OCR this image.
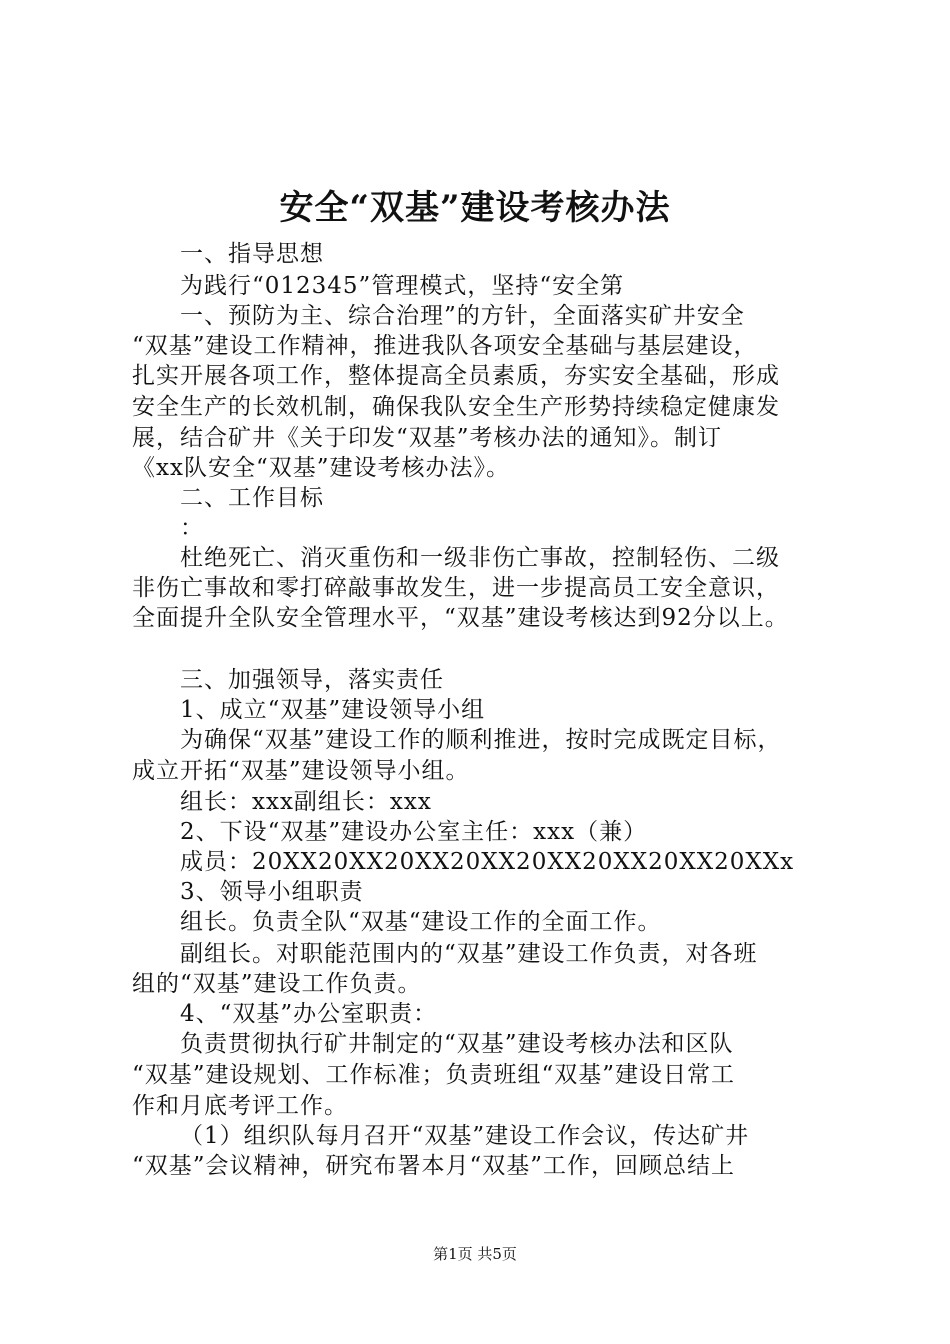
安全“双基”建设考核办法
一、指导思想
为践行“012345”管理模式，坚持“安全第
一、预防为主、综合治理”的方针，全面落实矿井安全
“双基”建设工作精神，推进我队各项安全基础与基层建设，
扎实开展各项工作，整体提高全员素质，夯实安全基础，形成
安全生产的长效机制，确保我队安全生产形势持续稳定健康发
展，结合矿井《关于印发“双基”考核办法的通知》。制订
《xx队安全“双基”建设考核办法》。
二、工作目标
：
杜绝死亡、消灭重伤和一级非伤亡事故，控制轻伤、二级
非伤亡事故和零打碎敲事故发生，进一步提高员工安全意识，
全面提升全队安全管理水平，“双基”建设考核达到92分以上。
三、加强领导，落实责任
1、成立“双基”建设领导小组
为确保“双基”建设工作的顺利推进，按时完成既定目标，
成立开拓“双基”建设领导小组。
组长：xxx副组长：xxx
2、下设“双基”建设办公室主任：xxx（兼）
成员：20XX20XX20XX20XX20XX20XX20XX20XXx
3、领导小组职责
组长。负责全队“双基“建设工作的全面工作。
副组长。对职能范围内的“双基”建设工作负责，对各班
组的“双基”建设工作负责。
4、“双基”办公室职责：
负责贯彻执行矿井制定的“双基”建设考核办法和区队
“双基”建设规划、工作标准；负责班组“双基”建设日常工
作和月底考评工作。
（1）组织队每月召开“双基”建设工作会议，传达矿井
“双基”会议精神，研究布署本月“双基”工作，回顾总结上
第1页 共5页
